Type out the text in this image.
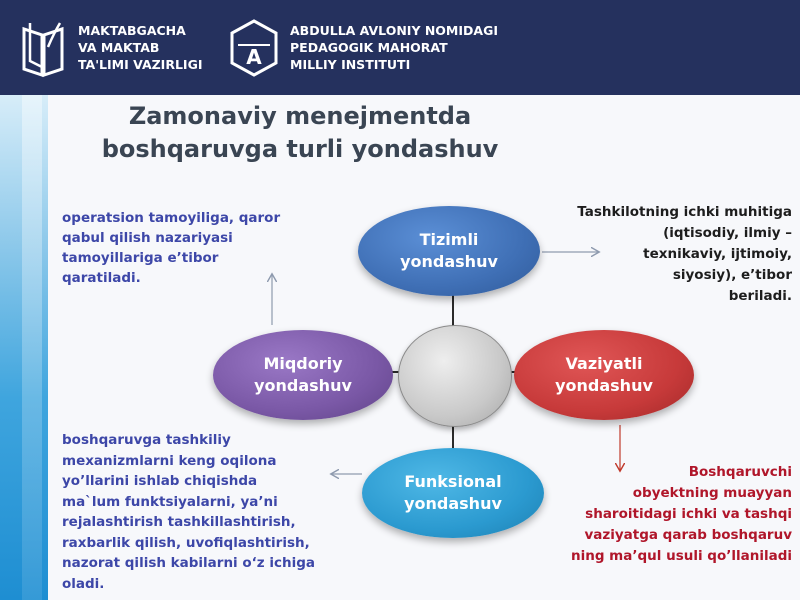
MAKTABGACHA
VA MAKTAB
TA'LIMI VAZIRLIGI A
ABDULLA AVLONIY NOMIDAGI
PEDAGOGIK MAHORAT
MILLIY INSTITUTI
Zamonaviy menejmentda
boshqaruvga turli yondashuv
Tizimli
yondashuv
Miqdoriy
yondashuv
Vaziyatli
yondashuv
Funksional
yondashuv
operatsion tamoyiliga, qaror
qabul qilish nazariyasi
tamoyillariga e’tibor
qaratiladi.
Tashkilotning ichki muhitiga
(iqtisodiy, ilmiy –
texnikaviy, ijtimoiy,
siyosiy), e’tibor
beriladi.
boshqaruvga tashkiliy
mexanizmlarni keng oqilona
yo’llarini ishlab chiqishda
ma`lum funktsiyalarni, ya’ni
rejalashtirish tashkillashtirish,
raxbarlik qilish, uvofiqlashtirish,
nazorat qilish kabilarni o‘z ichiga
oladi.
Boshqaruvchi
obyektning muayyan
sharoitidagi ichki va tashqi
vaziyatga qarab boshqaruv
ning ma’qul usuli qo’llaniladi
